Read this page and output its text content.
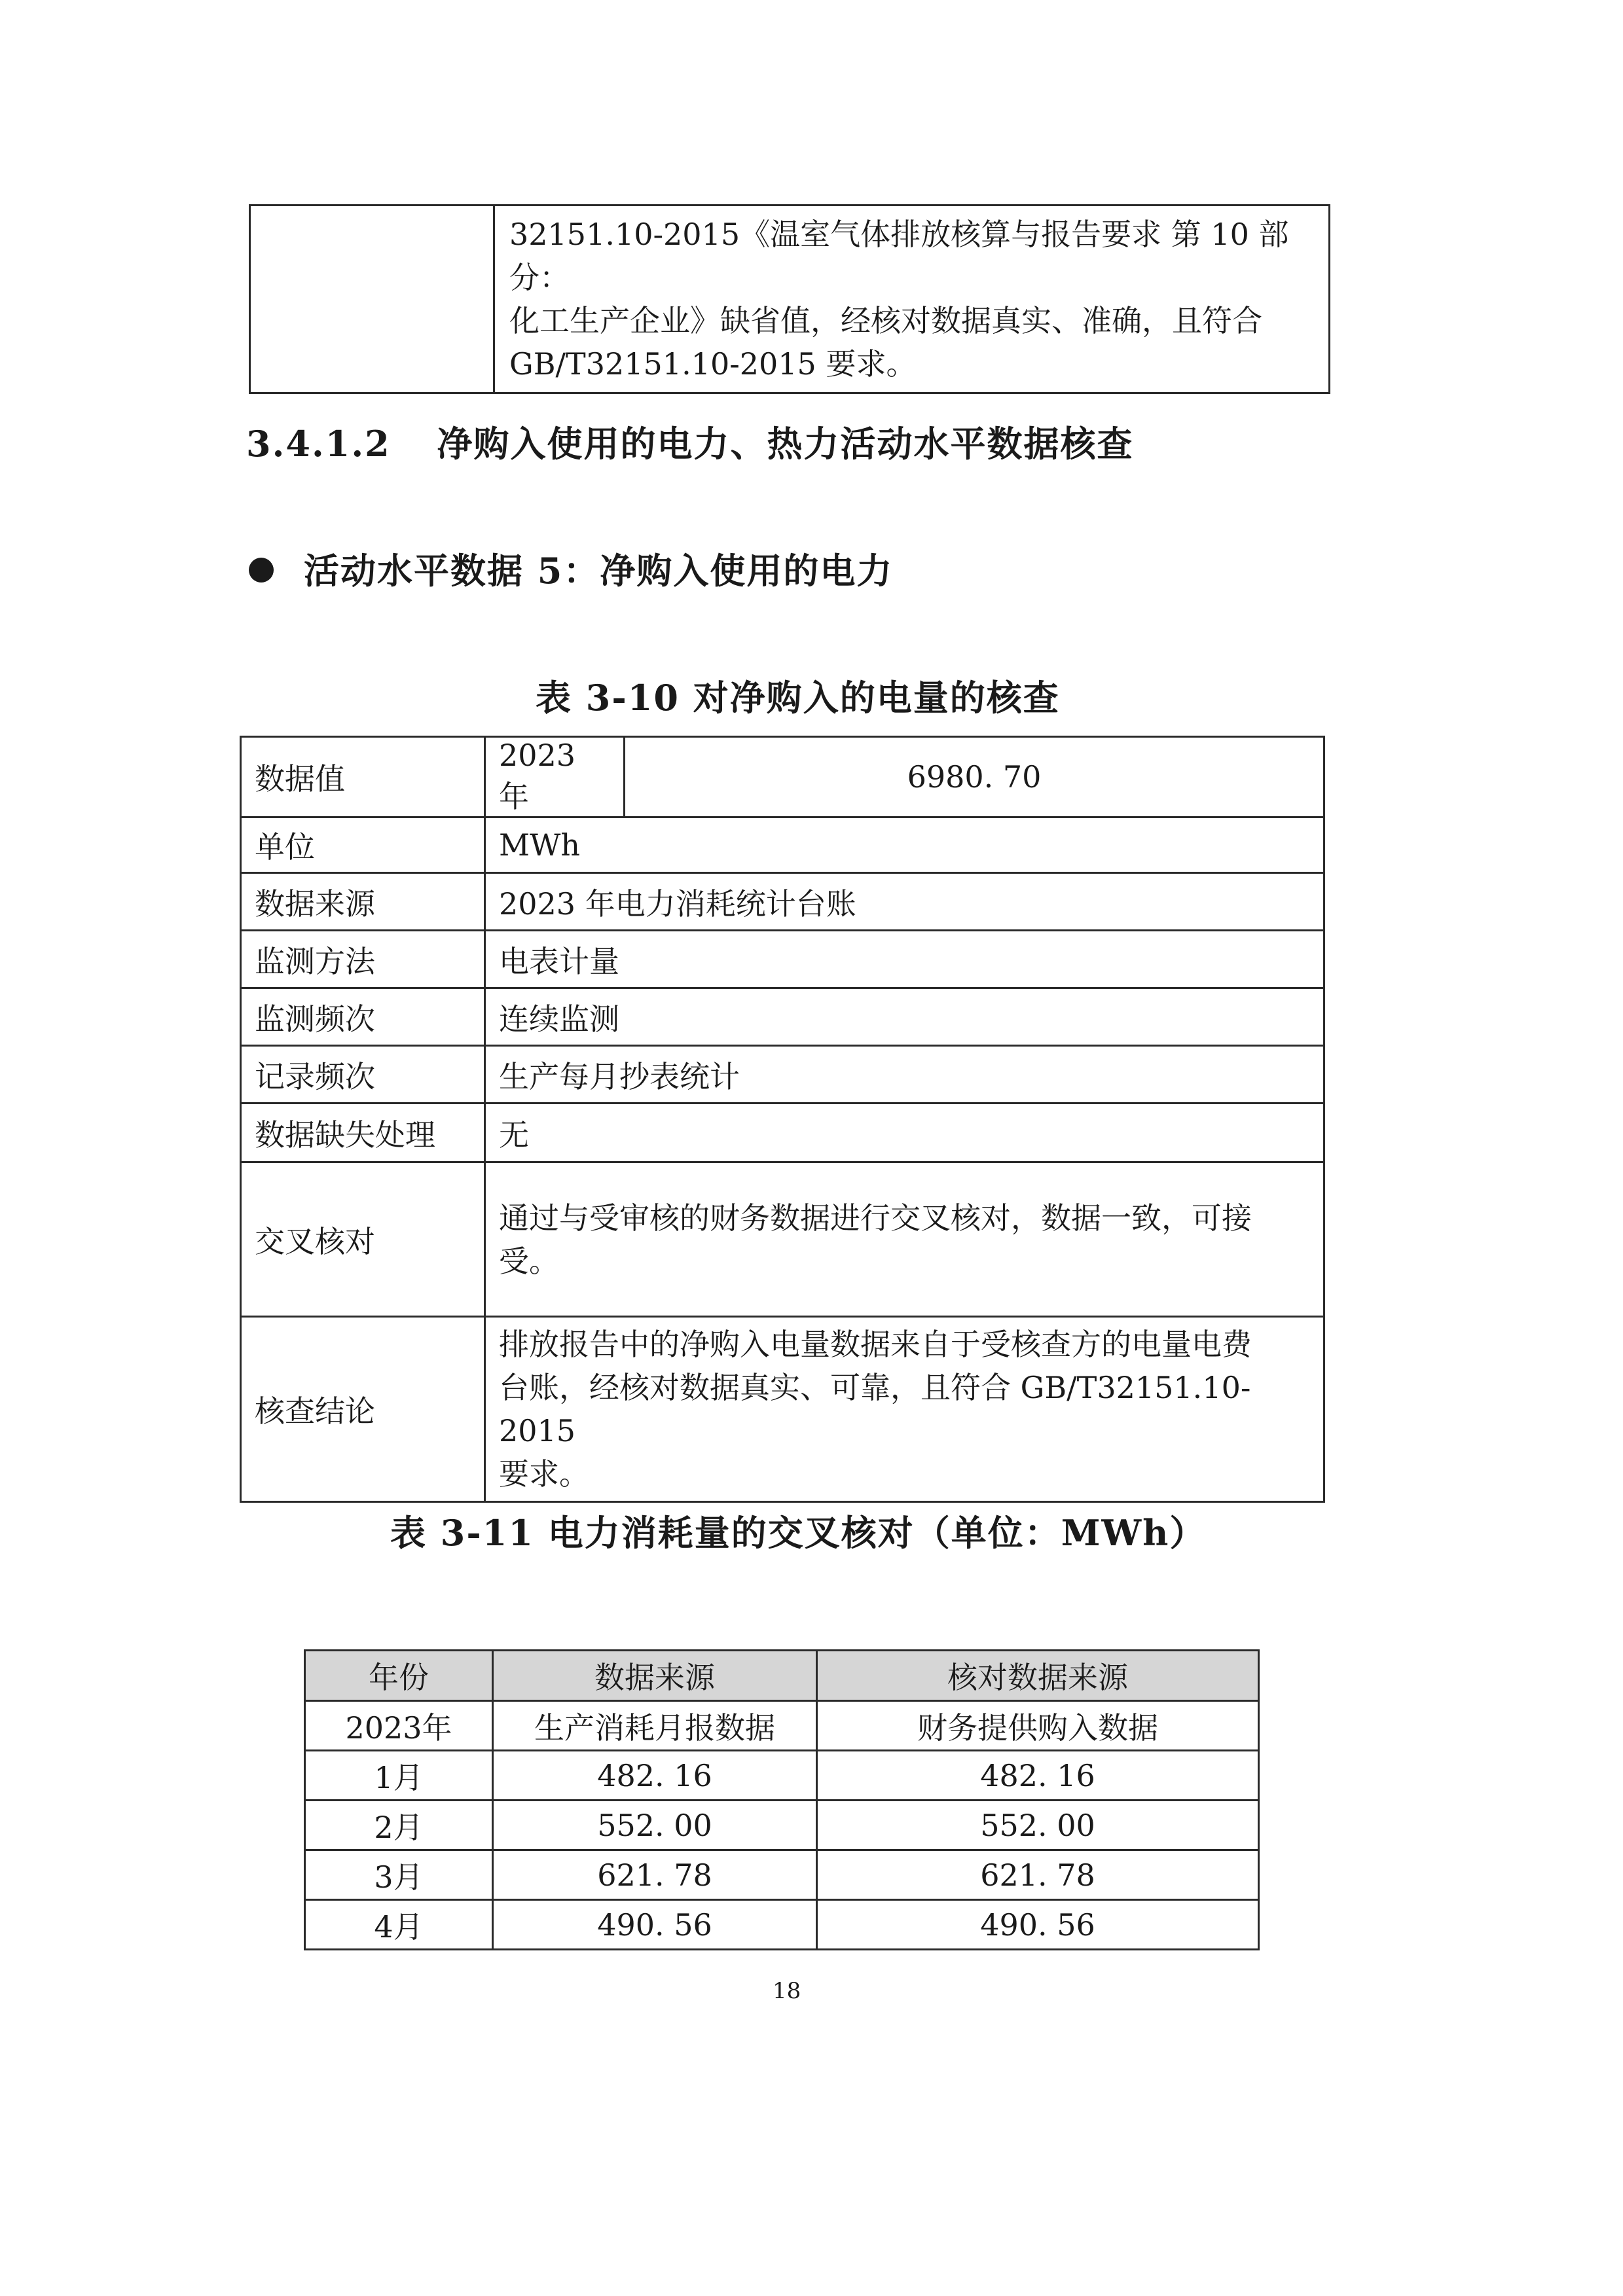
32151.10-2015《温室气体排放核算与报告要求 第 10 部分：
化工生产企业》缺省值，经核对数据真实、准确，且符合
GB/T32151.10-2015 要求。
3.4.1.2 净购入使用的电力、热力活动水平数据核查
活动水平数据 5：净购入使用的电力
表 3-10 对净购入的电量的核查
数据值	2023 年	6980. 70
单位	MWh	
数据来源	2023 年电力消耗统计台账	
监测方法	电表计量	
监测频次	连续监测	
记录频次	生产每月抄表统计	
数据缺失处理	无	
交叉核对	通过与受审核的财务数据进行交叉核对，数据一致，可接
受。	

核查结论	排放报告中的净购入电量数据来自于受核查方的电量电费
台账，经核对数据真实、可靠，且符合 GB/T32151.10-2015
要求。	
表 3-11 电力消耗量的交叉核对（单位：MWh）
年份	数据来源	核对数据来源
2023年	生产消耗月报数据	财务提供购入数据
1月	482. 16	482. 16
2月	552. 00	552. 00
3月	621. 78	621. 78
4月	490. 56	490. 56
18
